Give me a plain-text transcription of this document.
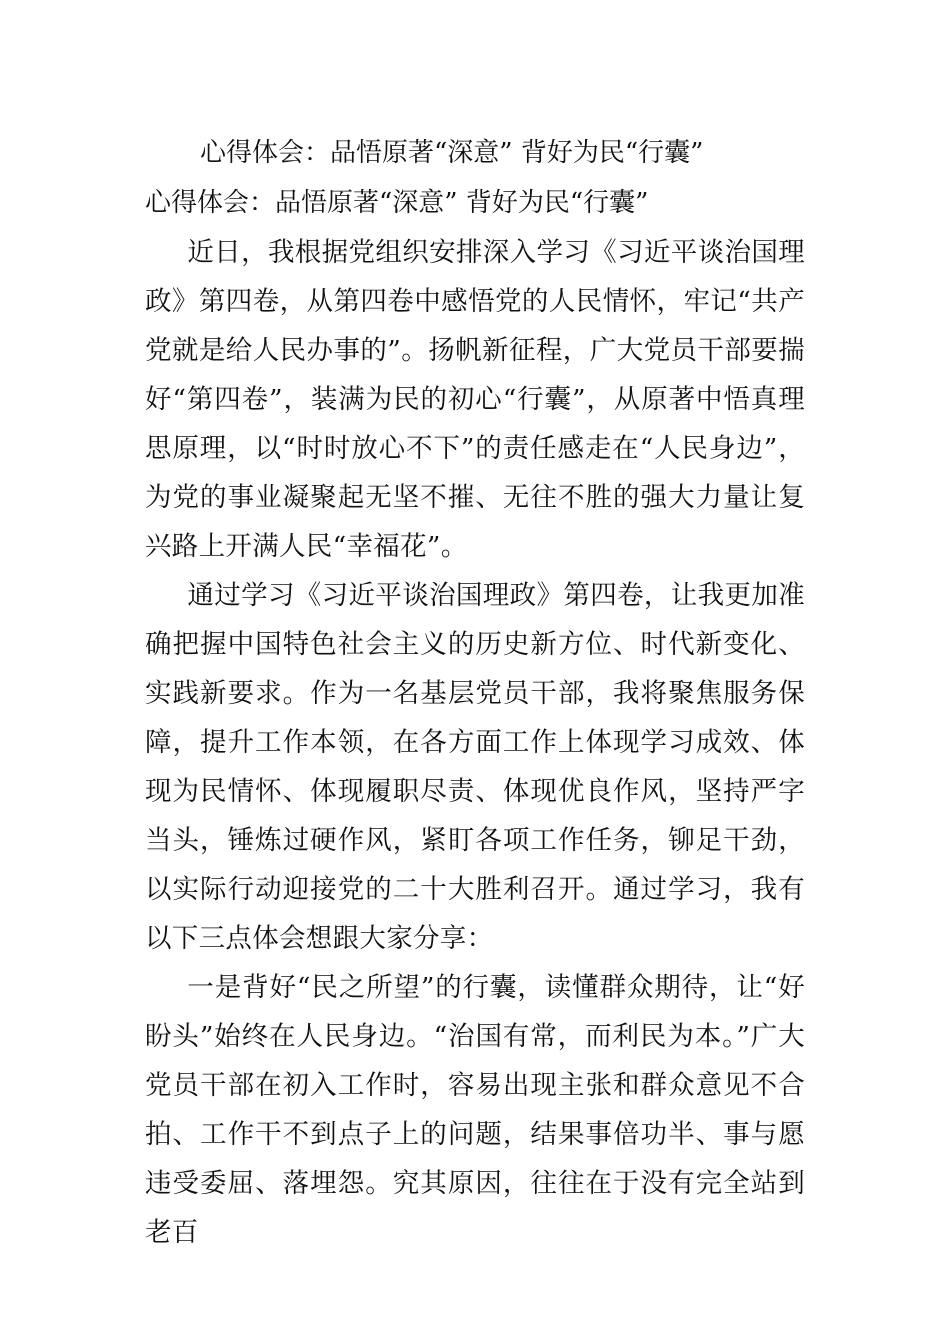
心得体会：品悟原著“深意” 背好为民“行囊”
心得体会：品悟原著“深意” 背好为民“行囊”

近日，我根据党组织安排深入学习《习近平谈治国理政》第四卷，从第四卷中感悟党的人民情怀，牢记“共产党就是给人民办事的”。扬帆新征程，广大党员干部要揣好“第四卷”，装满为民的初心“行囊”，从原著中悟真理思原理，以“时时放心不下”的责任感走在“人民身边”，为党的事业凝聚起无坚不摧、无往不胜的强大力量让复兴路上开满人民“幸福花”。

通过学习《习近平谈治国理政》第四卷，让我更加准确把握中国特色社会主义的历史新方位、时代新变化、实践新要求。作为一名基层党员干部，我将聚焦服务保障，提升工作本领，在各方面工作上体现学习成效、体现为民情怀、体现履职尽责、体现优良作风，坚持严字当头，锤炼过硬作风，紧盯各项工作任务，铆足干劲，以实际行动迎接党的二十大胜利召开。通过学习，我有以下三点体会想跟大家分享：

一是背好“民之所望”的行囊，读懂群众期待，让“好盼头”始终在人民身边。“治国有常，而利民为本。”广大党员干部在初入工作时，容易出现主张和群众意见不合拍、工作干不到点子上的问题，结果事倍功半、事与愿违受委屈、落埋怨。究其原因，往往在于没有完全站到老百
